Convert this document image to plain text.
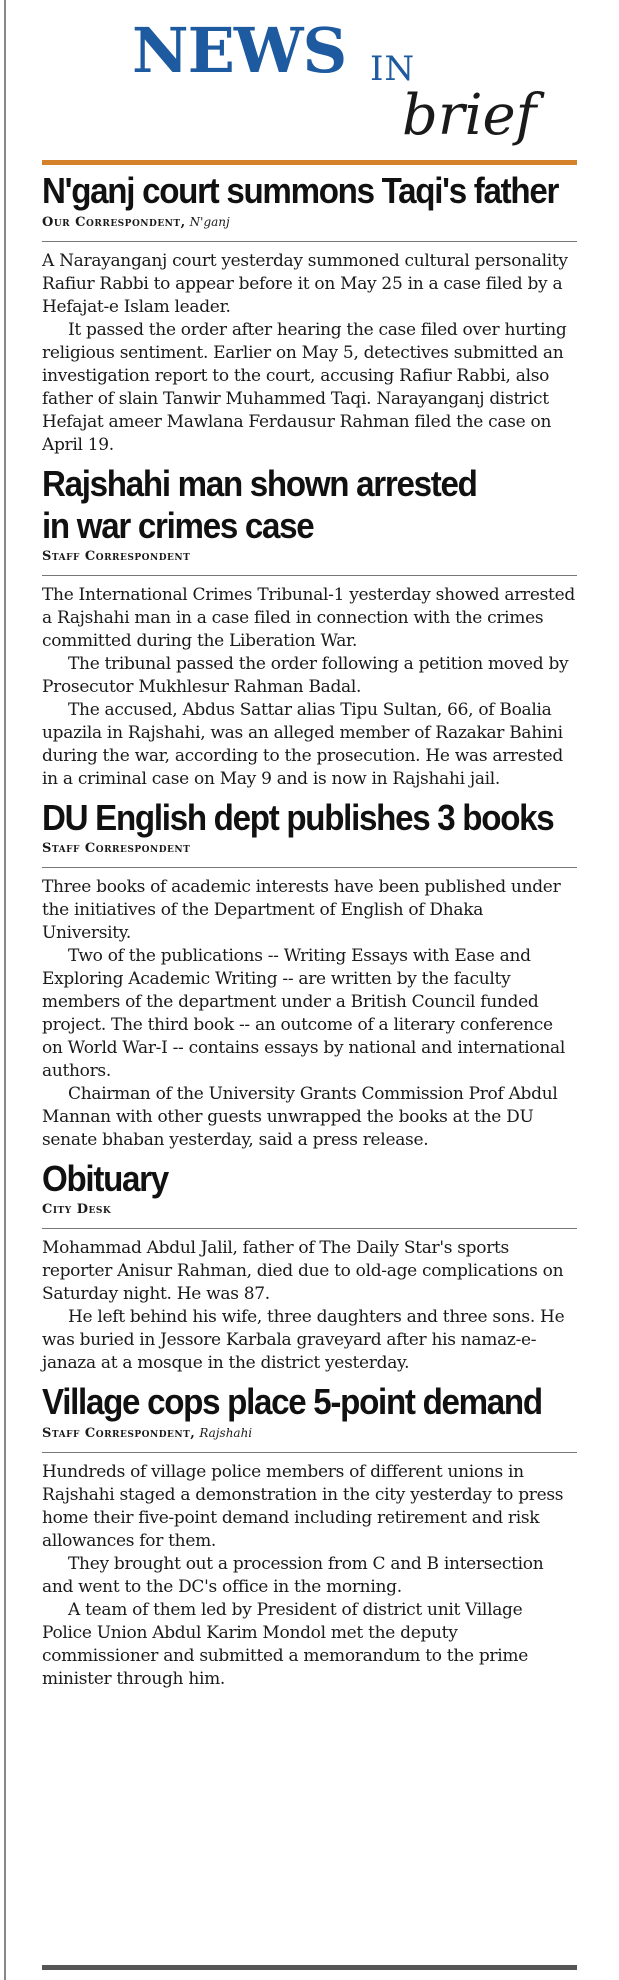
NEWS IN
brief
N'ganj court summons Taqi's father
Our Correspondent, N'ganj

A Narayanganj court yesterday summoned cultural personality Rafiur Rabbi to appear before it on May 25 in a case filed by a Hefajat-e Islam leader.

It passed the order after hearing the case filed over hurting religious sentiment. Earlier on May 5, detectives submitted an investigation report to the court, accusing Rafiur Rabbi, also father of slain Tanwir Muhammed Taqi. Narayanganj district Hefajat ameer Mawlana Ferdausur Rahman filed the case on April 19.

Rajshahi man shown arrested
in war crimes case
Staff Correspondent

The International Crimes Tribunal-1 yesterday showed arrested a Rajshahi man in a case filed in connection with the crimes committed during the Liberation War.

The tribunal passed the order following a petition moved by Prosecutor Mukhlesur Rahman Badal.

The accused, Abdus Sattar alias Tipu Sultan, 66, of Boalia upazila in Rajshahi, was an alleged member of Razakar Bahini during the war, according to the prosecution. He was arrested in a criminal case on May 9 and is now in Rajshahi jail.

DU English dept publishes 3 books
Staff Correspondent

Three books of academic interests have been published under the initiatives of the Department of English of Dhaka University.

Two of the publications -- Writing Essays with Ease and Exploring Academic Writing -- are written by the faculty members of the department under a British Council funded project. The third book -- an outcome of a literary conference on World War-I -- contains essays by national and international authors.

Chairman of the University Grants Commission Prof Abdul Mannan with other guests unwrapped the books at the DU senate bhaban yesterday, said a press release.

Obituary
City Desk

Mohammad Abdul Jalil, father of The Daily Star's sports reporter Anisur Rahman, died due to old-age complications on Saturday night. He was 87.

He left behind his wife, three daughters and three sons. He was buried in Jessore Karbala graveyard after his namaz-e-janaza at a mosque in the district yesterday.

Village cops place 5-point demand
Staff Correspondent, Rajshahi

Hundreds of village police members of different unions in Rajshahi staged a demonstration in the city yesterday to press home their five-point demand including retirement and risk allowances for them.

They brought out a procession from C and B intersection and went to the DC's office in the morning.

A team of them led by President of district unit Village Police Union Abdul Karim Mondol met the deputy commissioner and submitted a memorandum to the prime minister through him.
